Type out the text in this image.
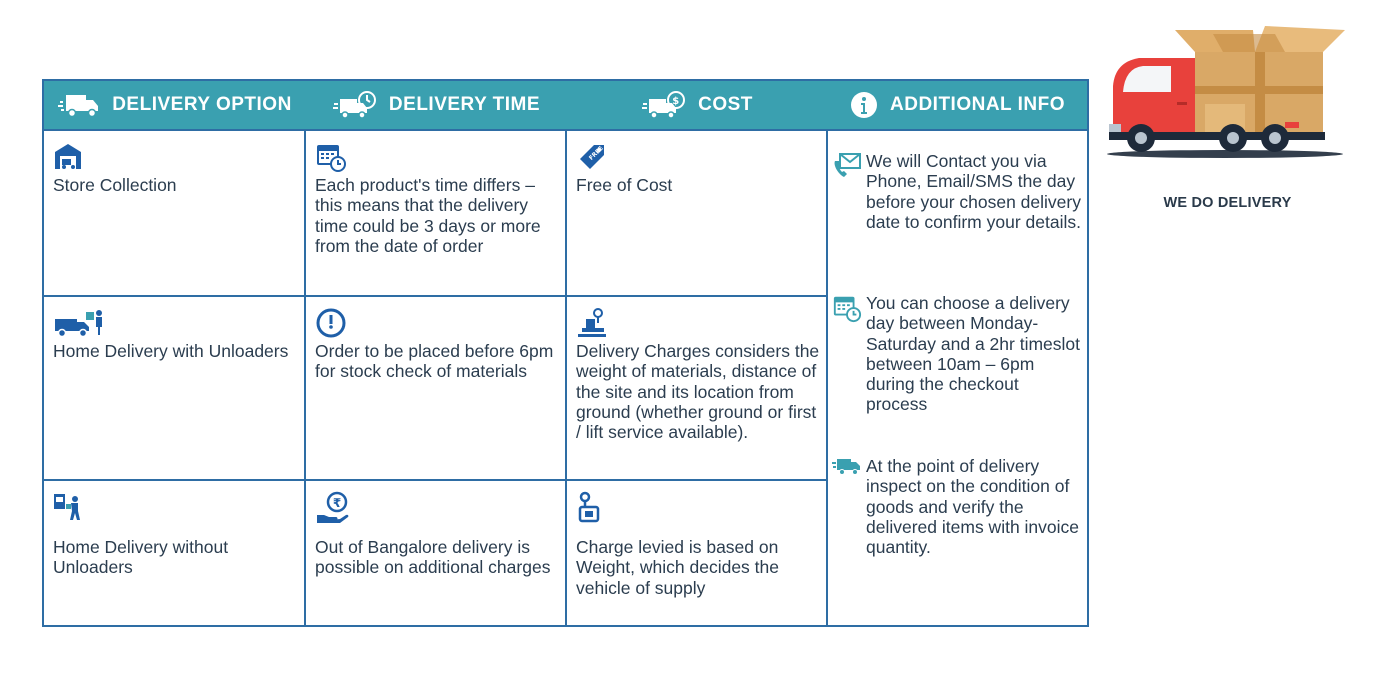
DELIVERY OPTION

Store Collection

Home Delivery with Unloaders

Home Delivery without Unloaders

DELIVERY TIME

Each product's time differs – this means that the delivery time could be 3 days or more from the date of order

Order to be placed before 6pm for stock check of materials

₹

Out of Bangalore delivery is possible on additional charges

$ COST
FREE

Free of Cost

Delivery Charges considers the weight of materials, distance of the site and its location from ground (whether ground or first / lift service available).

Charge levied is based on Weight, which decides the vehicle of supply

ADDITIONAL INFO

We will Contact you via Phone, Email/SMS the day before your chosen delivery date to confirm your details.

You can choose a delivery day between Monday- Saturday and a 2hr timeslot between 10am – 6pm during the checkout process

At the point of delivery inspect on the condition of goods and verify the delivered items with invoice quantity.

WE DO DELIVERY
